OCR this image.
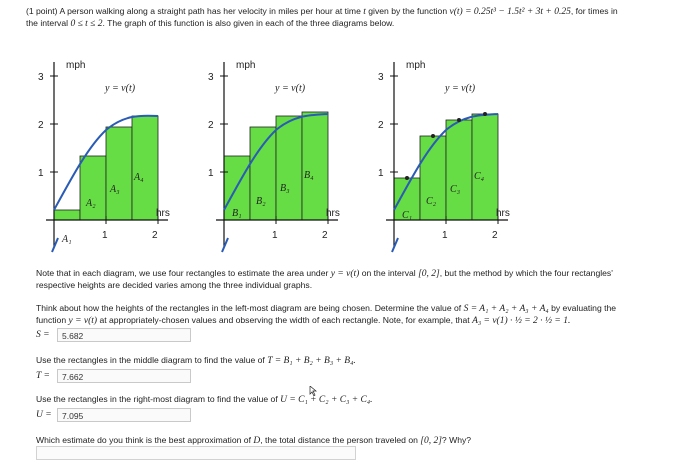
(1 point) A person walking along a straight path has her velocity in miles per hour at time t given by the function v(t) = 0.25t³ − 1.5t² + 3t + 0.25, for times in
the interval 0 ≤ t ≤ 2. The graph of this function is also given in each of the three diagrams below.
3
2
1
mph
y = v(t)
hrs
1	2
A₁
A₂
A₃
A₄
3
2
1
mph
y = v(t)
hrs
1	2
B₁
B₂
B₃
B₄
3
2
1
mph
y = v(t)
hrs
1	2
C₁
C₂
C₃
C₄
Note that in each diagram, we use four rectangles to estimate the area under y = v(t) on the interval [0, 2], but the method by which the four rectangles'
respective heights are decided varies among the three individual graphs.
Think about how the heights of the rectangles in the left-most diagram are being chosen. Determine the value of S = A₁ + A₂ + A₃ + A₄ by evaluating the
function y = v(t) at appropriately-chosen values and observing the width of each rectangle. Note, for example, that A₃ = v(1) · ½ = 2 · ½ = 1.
S =	5.682
Use the rectangles in the middle diagram to find the value of T = B₁ + B₂ + B₃ + B₄.
T =	7.662
Use the rectangles in the right-most diagram to find the value of U = C₁ + C₂ + C₃ + C₄.
U =	7.095
Which estimate do you think is the best approximation of D, the total distance the person traveled on [0, 2]? Why?
